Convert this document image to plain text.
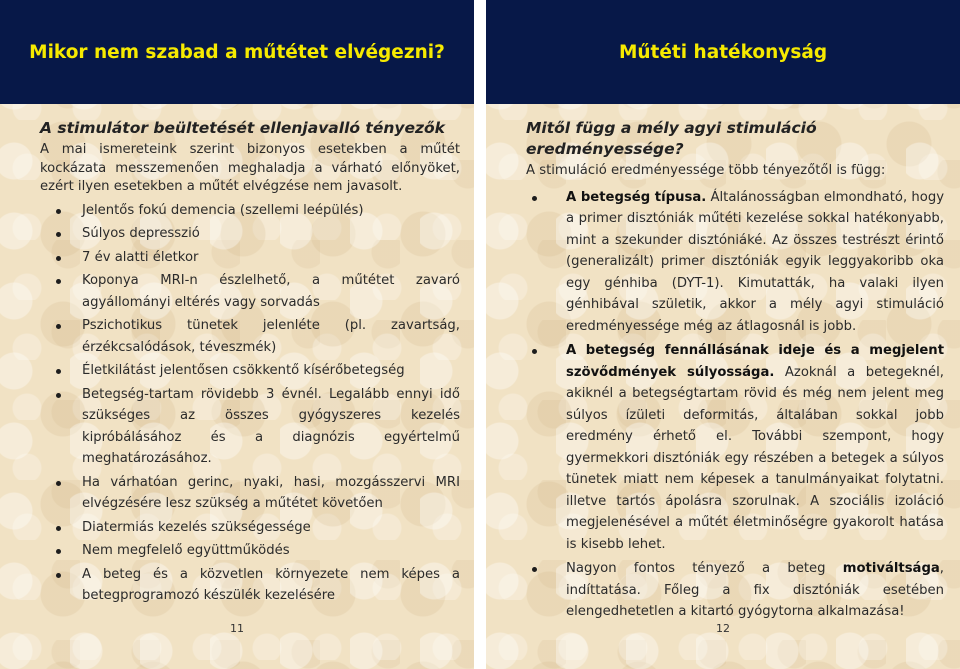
Mikor nem szabad a műtétet elvégezni?
A stimulátor beültetését ellenjavalló tényezők
A mai ismereteink szerint bizonyos esetekben a műtét kockázata messzemenően meghaladja a várható előnyöket, ezért ilyen esetekben a műtét elvégzése nem javasolt.
Jelentős fokú demencia (szellemi leépülés)
Súlyos depresszió
7 év alatti életkor
Koponya MRI-n észlelhető, a műtétet zavaró agyállományi eltérés vagy sorvadás
Pszichotikus tünetek jelenléte (pl. zavartság, érzékcsalódások, téveszmék)
Életkilátást jelentősen csökkentő kísérőbetegség
Betegség-tartam rövidebb 3 évnél. Legalább ennyi idő szükséges az összes gyógyszeres kezelés kipróbálásához és a diagnózis egyértelmű meghatározásához.
Ha várhatóan gerinc, nyaki, hasi, mozgásszervi MRI elvégzésére lesz szükség a műtétet követően
Diatermiás kezelés szükségessége
Nem megfelelő együttműködés
A beteg és a közvetlen környezete nem képes a betegprogramozó készülék kezelésére
11
Műtéti hatékonyság
Mitől függ a mély agyi stimuláció eredményessége?
A stimuláció eredményessége több tényezőtől is függ:
A betegség típusa. Általánosságban elmondható, hogy a primer disztóniák műtéti kezelése sokkal hatékonyabb, mint a szekunder disztóniáké. Az összes testrészt érintő (generalizált) primer disztóniák egyik leggyakoribb oka egy génhiba (DYT-1). Kimutatták, ha valaki ilyen génhibával születik, akkor a mély agyi stimuláció eredményessége még az átlagosnál is jobb.
A betegség fennállásának ideje és a megjelent szövődmények súlyossága. Azoknál a betegeknél, akiknél a betegségtartam rövid és még nem jelent meg súlyos ízületi deformitás, általában sokkal jobb eredmény érhető el. További szempont, hogy gyermekkori disztóniák egy részében a betegek a súlyos tünetek miatt nem képesek a tanulmányaikat folytatni. illetve tartós ápolásra szorulnak. A szociális izoláció megjelenésével a műtét életminőségre gyakorolt hatása is kisebb lehet.
Nagyon fontos tényező a beteg motiváltsága, indíttatása. Főleg a fix disztóniák esetében elengedhetetlen a kitartó gyógytorna alkalmazása!
12
